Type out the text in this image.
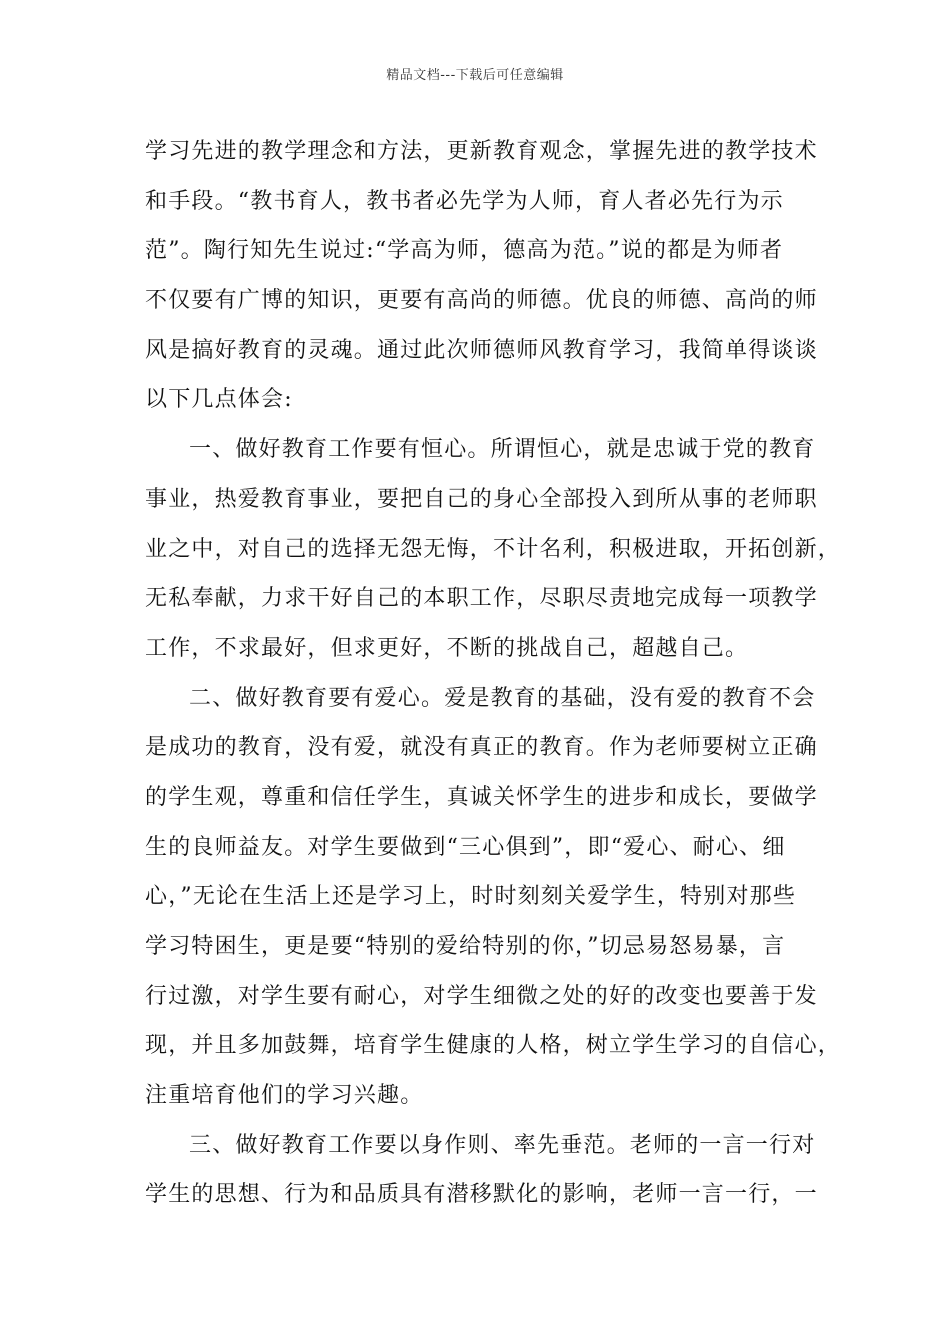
精品文档---下载后可任意编辑
学习先进的教学理念和方法，更新教育观念，掌握先进的教学技术
和手段。“教书育人，教书者必先学为人师，育人者必先行为示
范”。陶行知先生说过:“学高为师，德高为范。”说的都是为师者
不仅要有广博的知识，更要有高尚的师德。优良的师德、高尚的师
风是搞好教育的灵魂。通过此次师德师风教育学习，我简单得谈谈
以下几点体会:
一、做好教育工作要有恒心。所谓恒心，就是忠诚于党的教育
事业，热爱教育事业，要把自己的身心全部投入到所从事的老师职
业之中，对自己的选择无怨无悔，不计名利，积极进取，开拓创新，
无私奉献，力求干好自己的本职工作，尽职尽责地完成每一项教学
工作，不求最好，但求更好，不断的挑战自己，超越自己。
二、做好教育要有爱心。爱是教育的基础，没有爱的教育不会
是成功的教育，没有爱，就没有真正的教育。作为老师要树立正确
的学生观，尊重和信任学生，真诚关怀学生的进步和成长，要做学
生的良师益友。对学生要做到“三心俱到”，即“爱心、耐心、细
心，”无论在生活上还是学习上，时时刻刻关爱学生，特别对那些
学习特困生，更是要“特别的爱给特别的你，”切忌易怒易暴，言
行过激，对学生要有耐心，对学生细微之处的好的改变也要善于发
现，并且多加鼓舞，培育学生健康的人格，树立学生学习的自信心，
注重培育他们的学习兴趣。
三、做好教育工作要以身作则、率先垂范。老师的一言一行对
学生的思想、行为和品质具有潜移默化的影响，老师一言一行，一
